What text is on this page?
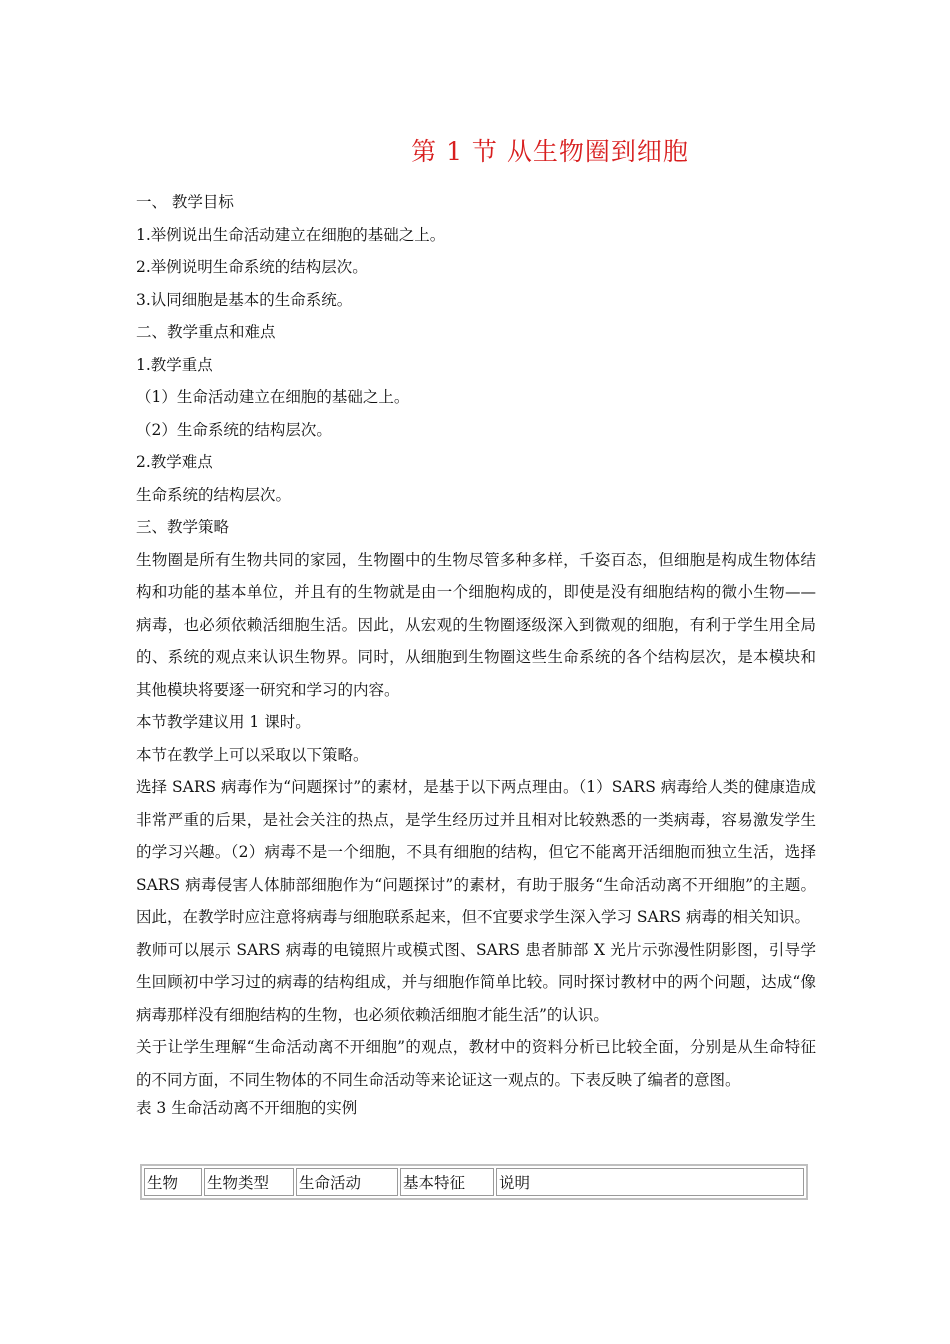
第 1 节 从生物圈到细胞

一、 教学目标

1.举例说出生命活动建立在细胞的基础之上。

2.举例说明生命系统的结构层次。

3.认同细胞是基本的生命系统。

二、教学重点和难点

1.教学重点

（1）生命活动建立在细胞的基础之上。

（2）生命系统的结构层次。

2.教学难点

生命系统的结构层次。

三、教学策略

生物圈是所有生物共同的家园，生物圈中的生物尽管多种多样，千姿百态，但细胞是构成生物体结构和功能的基本单位，并且有的生物就是由一个细胞构成的，即使是没有细胞结构的微小生物——病毒，也必须依赖活细胞生活。因此，从宏观的生物圈逐级深入到微观的细胞，有利于学生用全局的、系统的观点来认识生物界。同时，从细胞到生物圈这些生命系统的各个结构层次，是本模块和其他模块将要逐一研究和学习的内容。

本节教学建议用 1 课时。

本节在教学上可以采取以下策略。

选择 SARS 病毒作为“问题探讨”的素材，是基于以下两点理由。（1）SARS 病毒给人类的健康造成非常严重的后果，是社会关注的热点，是学生经历过并且相对比较熟悉的一类病毒，容易激发学生的学习兴趣。（2）病毒不是一个细胞，不具有细胞的结构，但它不能离开活细胞而独立生活，选择 SARS 病毒侵害人体肺部细胞作为“问题探讨”的素材，有助于服务“生命活动离不开细胞”的主题。因此，在教学时应注意将病毒与细胞联系起来，但不宜要求学生深入学习 SARS 病毒的相关知识。

教师可以展示 SARS 病毒的电镜照片或模式图、SARS 患者肺部 X 光片示弥漫性阴影图，引导学生回顾初中学习过的病毒的结构组成，并与细胞作简单比较。同时探讨教材中的两个问题，达成“像病毒那样没有细胞结构的生物，也必须依赖活细胞才能生活”的认识。

关于让学生理解“生命活动离不开细胞”的观点，教材中的资料分析已比较全面，分别是从生命特征的不同方面，不同生物体的不同生命活动等来论证这一观点的。下表反映了编者的意图。

表 3 生命活动离不开细胞的实例

生物	生物类型	生命活动	基本特征	说明
